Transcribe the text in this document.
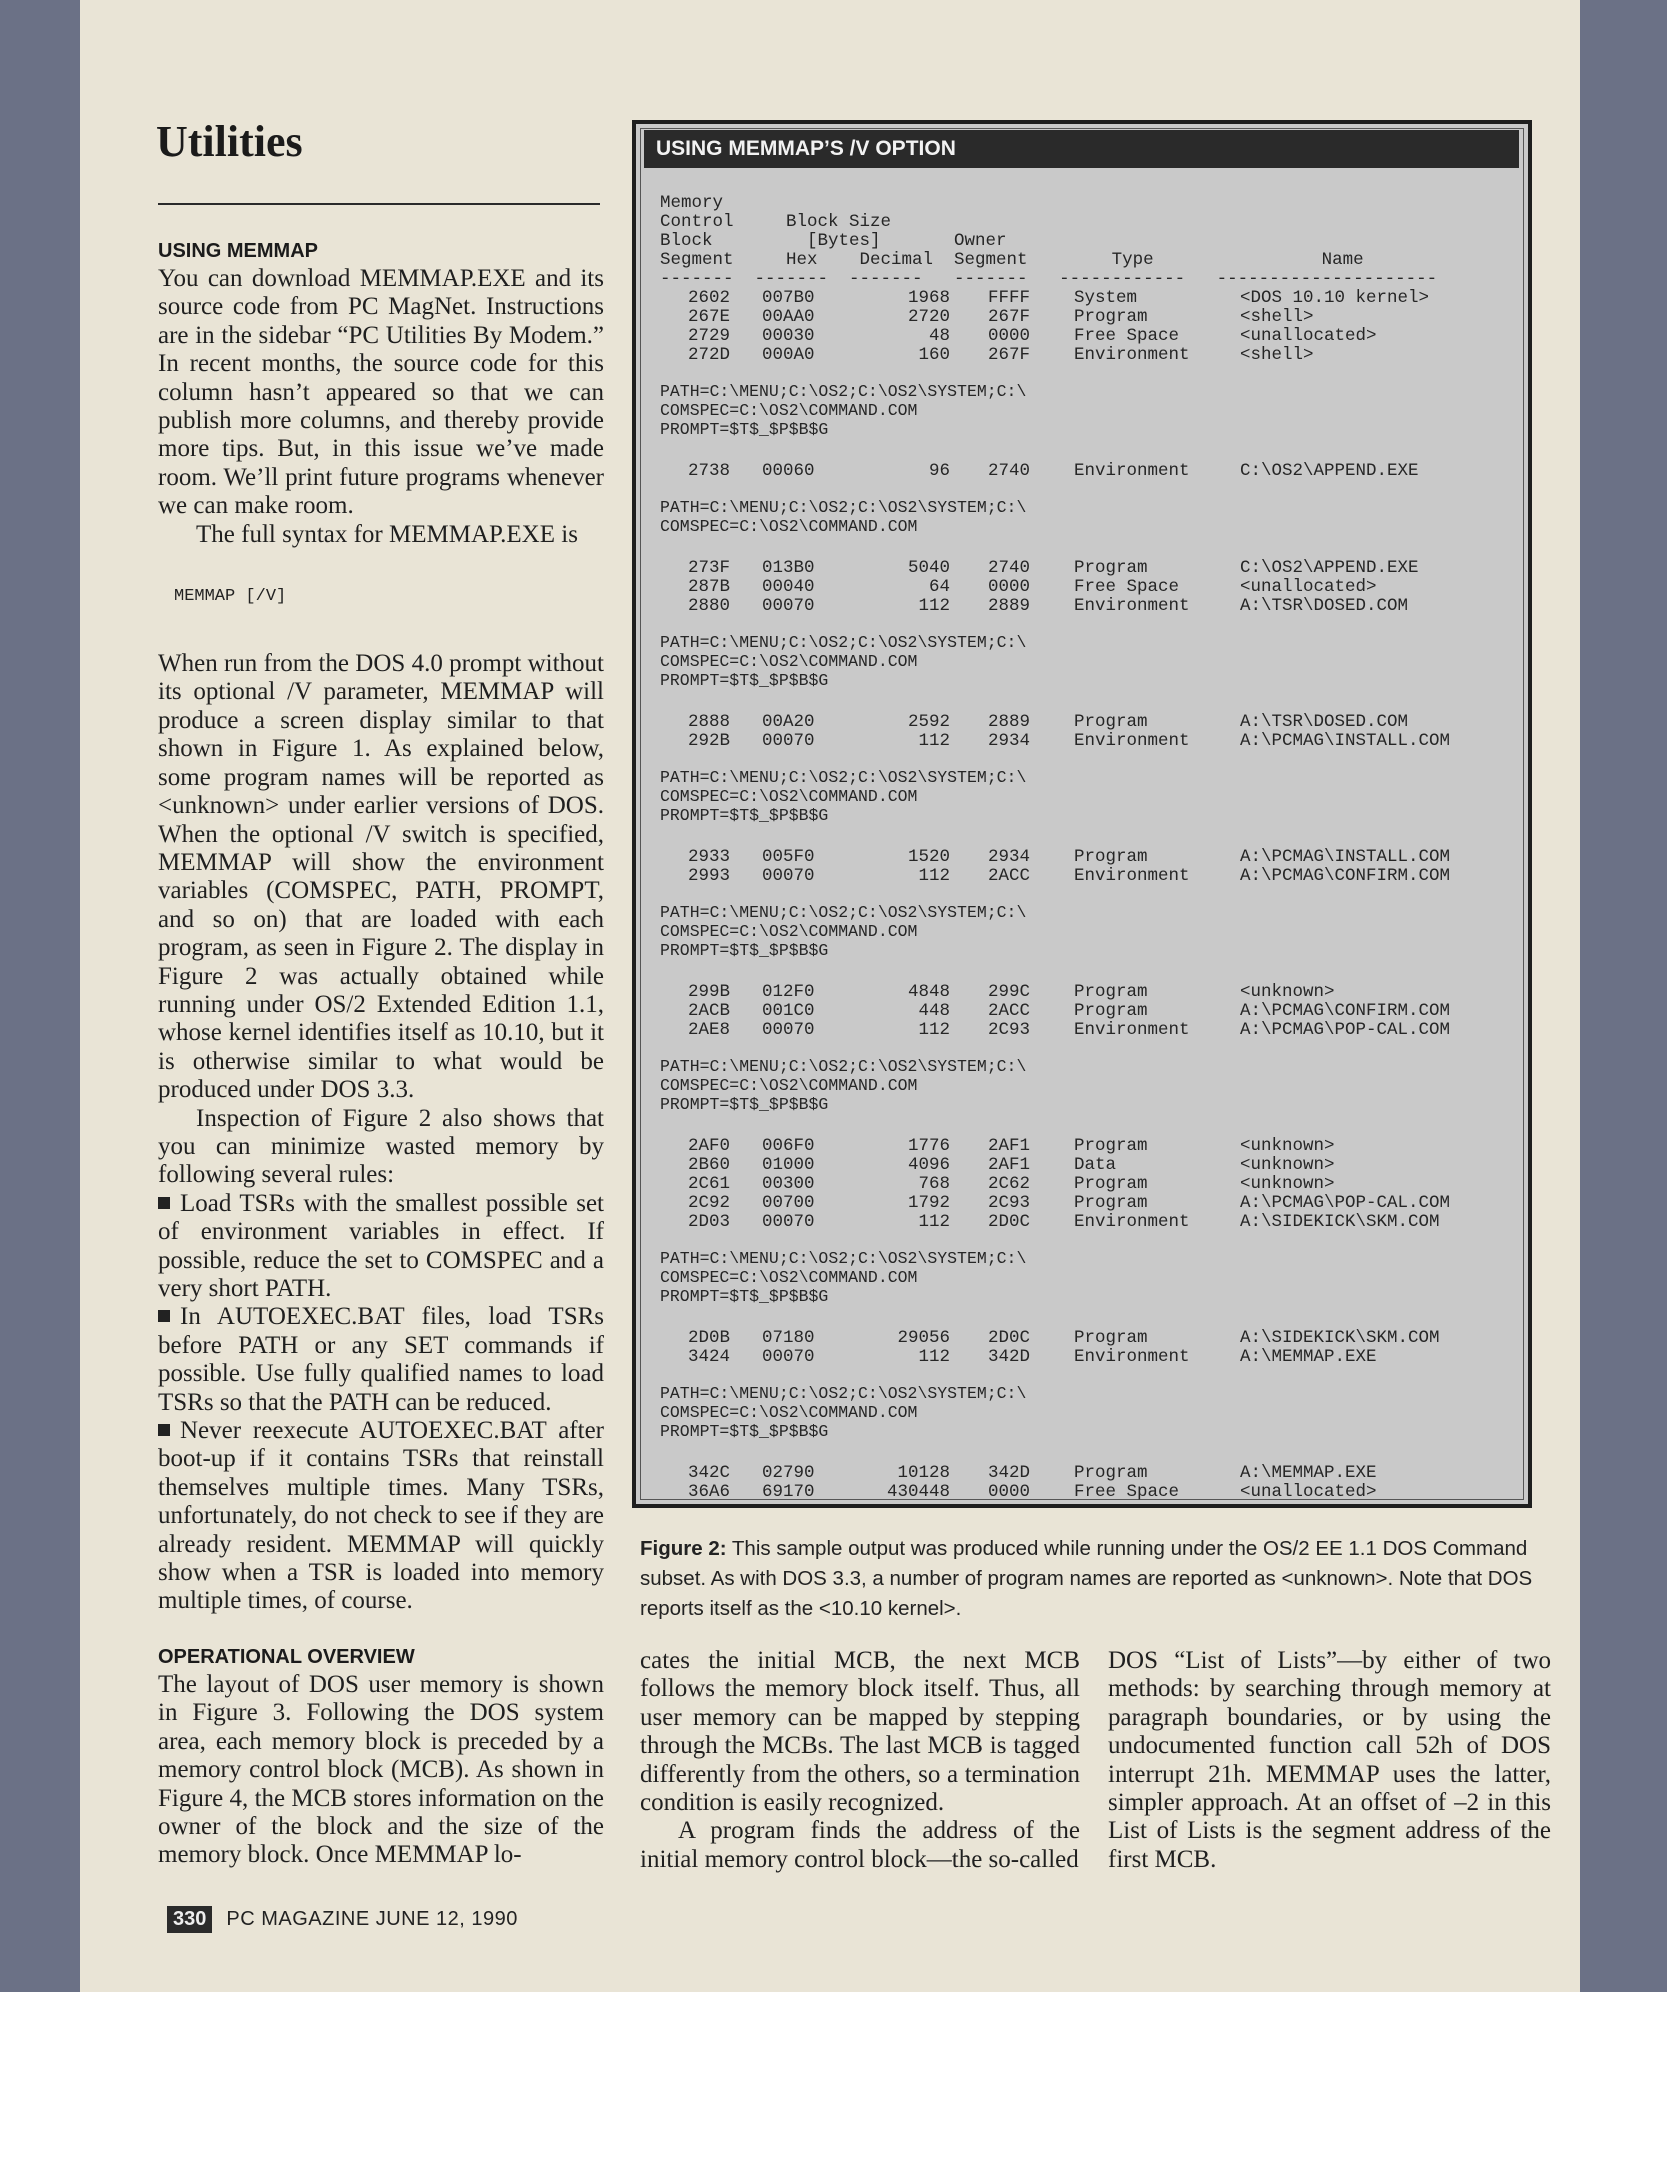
Utilities

USING MEMMAP

You can download MEMMAP.EXE and its source code from PC MagNet. Instructions are in the sidebar “PC Utilities By Modem.” In recent months, the source code for this column hasn’t appeared so that we can publish more columns, and thereby provide more tips. But, in this issue we’ve made room. We’ll print future programs whenever we can make room.

The full syntax for MEMMAP.EXE is

MEMMAP [/V]

When run from the DOS 4.0 prompt without its optional /V parameter, MEMMAP will produce a screen display similar to that shown in Figure 1. As explained below, some program names will be reported as <unknown> under earlier versions of DOS. When the optional /V switch is specified, MEMMAP will show the environment variables (COMSPEC, PATH, PROMPT, and so on) that are loaded with each program, as seen in Figure 2. The display in Figure 2 was actually obtained while running under OS/2 Extended Edition 1.1, whose kernel identifies itself as 10.10, but it is otherwise similar to what would be produced under DOS 3.3.

Inspection of Figure 2 also shows that you can minimize wasted memory by following several rules:

Load TSRs with the smallest possible set of environment variables in effect. If possible, reduce the set to COMSPEC and a very short PATH.

In AUTOEXEC.BAT files, load TSRs before PATH or any SET commands if possible. Use fully qualified names to load TSRs so that the PATH can be reduced.

Never reexecute AUTOEXEC.BAT after boot-up if it contains TSRs that reinstall themselves multiple times. Many TSRs, unfortunately, do not check to see if they are already resident. MEMMAP will quickly show when a TSR is loaded into memory multiple times, of course.

OPERATIONAL OVERVIEW

The layout of DOS user memory is shown in Figure 3. Following the DOS system area, each memory block is preceded by a memory control block (MCB). As shown in Figure 4, the MCB stores information on the owner of the block and the size of the memory block. Once MEMMAP lo-

USING MEMMAP’S /V OPTION
Memory
Control     Block Size
Block         [Bytes]       Owner
Segment     Hex    Decimal  Segment        Type                Name
-------  -------  -------   -------   ------------   ---------------------
2602 007B0	1968 FFFF	System	<DOS 10.10 kernel>
267E 00AA0	2720 267F	Program	<shell>
2729 00030	48 0000	Free Space	<unallocated>
272D 000A0	160 267F	Environment	<shell>
PATH=C:\MENU;C:\OS2;C:\OS2\SYSTEM;C:\
COMSPEC=C:\OS2\COMMAND.COM
PROMPT=$T$_$P$B$G
2738 00060	96 2740	Environment	C:\OS2\APPEND.EXE
PATH=C:\MENU;C:\OS2;C:\OS2\SYSTEM;C:\
COMSPEC=C:\OS2\COMMAND.COM
273F 013B0	5040 2740	Program	C:\OS2\APPEND.EXE
287B 00040	64 0000	Free Space	<unallocated>
2880 00070	112 2889	Environment	A:\TSR\DOSED.COM
PATH=C:\MENU;C:\OS2;C:\OS2\SYSTEM;C:\
COMSPEC=C:\OS2\COMMAND.COM
PROMPT=$T$_$P$B$G
2888 00A20	2592 2889	Program	A:\TSR\DOSED.COM
292B 00070	112 2934	Environment	A:\PCMAG\INSTALL.COM
PATH=C:\MENU;C:\OS2;C:\OS2\SYSTEM;C:\
COMSPEC=C:\OS2\COMMAND.COM
PROMPT=$T$_$P$B$G
2933 005F0	1520 2934	Program	A:\PCMAG\INSTALL.COM
2993 00070	112 2ACC	Environment	A:\PCMAG\CONFIRM.COM
PATH=C:\MENU;C:\OS2;C:\OS2\SYSTEM;C:\
COMSPEC=C:\OS2\COMMAND.COM
PROMPT=$T$_$P$B$G
299B 012F0	4848 299C	Program	<unknown>
2ACB 001C0	448 2ACC	Program	A:\PCMAG\CONFIRM.COM
2AE8 00070	112 2C93	Environment	A:\PCMAG\POP-CAL.COM
PATH=C:\MENU;C:\OS2;C:\OS2\SYSTEM;C:\
COMSPEC=C:\OS2\COMMAND.COM
PROMPT=$T$_$P$B$G
2AF0 006F0	1776 2AF1	Program	<unknown>
2B60 01000	4096 2AF1	Data	<unknown>
2C61 00300	768 2C62	Program	<unknown>
2C92 00700	1792 2C93	Program	A:\PCMAG\POP-CAL.COM
2D03 00070	112 2D0C	Environment	A:\SIDEKICK\SKM.COM
PATH=C:\MENU;C:\OS2;C:\OS2\SYSTEM;C:\
COMSPEC=C:\OS2\COMMAND.COM
PROMPT=$T$_$P$B$G
2D0B 07180	29056 2D0C	Program	A:\SIDEKICK\SKM.COM
3424 00070	112 342D	Environment	A:\MEMMAP.EXE
PATH=C:\MENU;C:\OS2;C:\OS2\SYSTEM;C:\
COMSPEC=C:\OS2\COMMAND.COM
PROMPT=$T$_$P$B$G
342C 02790	10128 342D	Program	A:\MEMMAP.EXE
36A6 69170	430448 0000	Free Space	<unallocated>

Figure 2: This sample output was produced while running under the OS/2 EE 1.1 DOS Command subset. As with DOS 3.3, a number of program names are reported as <unknown>. Note that DOS reports itself as the <10.10 kernel>.

cates the initial MCB, the next MCB follows the memory block itself. Thus, all user memory can be mapped by stepping through the MCBs. The last MCB is tagged differently from the others, so a termination condition is easily recognized.

A program finds the address of the initial memory control block—the so-called

DOS “List of Lists”—by either of two methods: by searching through memory at paragraph boundaries, or by using the undocumented function call 52h of DOS interrupt 21h. MEMMAP uses the latter, simpler approach. At an offset of –2 in this List of Lists is the segment address of the first MCB.

330	PC MAGAZINE JUNE 12, 1990
